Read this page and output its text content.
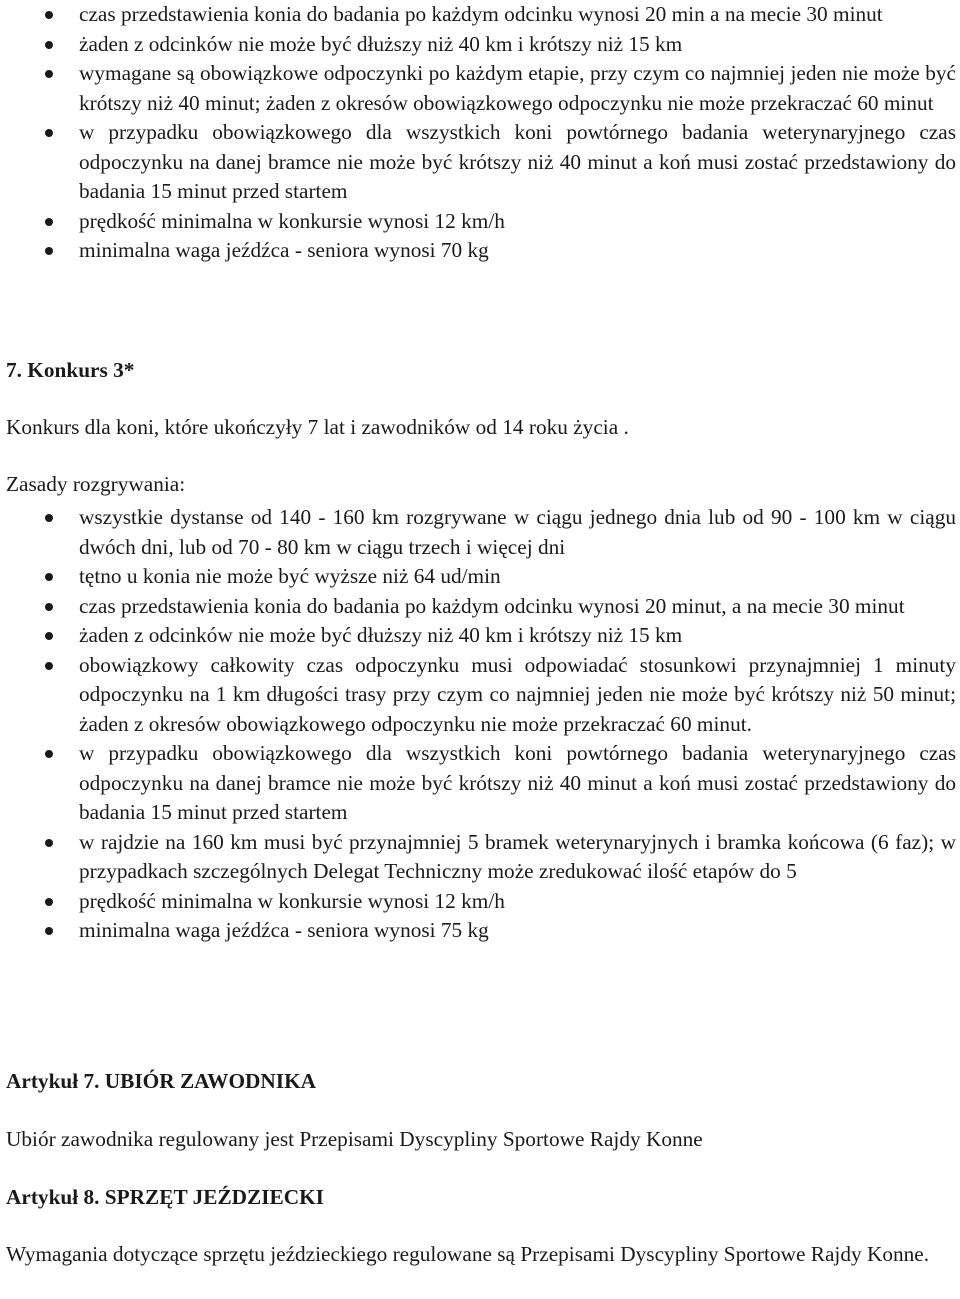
czas przedstawienia konia do badania po każdym odcinku wynosi 20 min a na mecie 30 minut
żaden z odcinków nie może być dłuższy niż 40 km i krótszy niż 15 km
wymagane są obowiązkowe odpoczynki po każdym etapie, przy czym co najmniej jeden nie może być krótszy niż 40 minut; żaden z okresów obowiązkowego odpoczynku nie może przekraczać 60 minut
w przypadku obowiązkowego dla wszystkich koni powtórnego badania weterynaryjnego czas odpoczynku na danej bramce nie może być krótszy niż 40 minut a koń musi zostać przedstawiony do badania 15 minut przed startem
prędkość minimalna w konkursie wynosi 12 km/h
minimalna waga jeźdźca - seniora wynosi 70 kg

7. Konkurs 3*

Konkurs dla koni, które ukończyły 7 lat i zawodników od 14 roku życia .

Zasady rozgrywania:

wszystkie dystanse od 140 - 160 km rozgrywane w ciągu jednego dnia lub od 90 - 100 km w ciągu dwóch dni, lub od 70 - 80 km w ciągu trzech i więcej dni
tętno u konia nie może być wyższe niż 64 ud/min
czas przedstawienia konia do badania po każdym odcinku wynosi 20 minut, a na mecie 30 minut
żaden z odcinków nie może być dłuższy niż 40 km i krótszy niż 15 km
obowiązkowy całkowity czas odpoczynku musi odpowiadać stosunkowi przynajmniej 1 minuty odpoczynku na 1 km długości trasy przy czym co najmniej jeden nie może być krótszy niż 50 minut; żaden z okresów obowiązkowego odpoczynku nie może przekraczać 60 minut.
w przypadku obowiązkowego dla wszystkich koni powtórnego badania weterynaryjnego czas odpoczynku na danej bramce nie może być krótszy niż 40 minut a koń musi zostać przedstawiony do badania 15 minut przed startem
w rajdzie na 160 km musi być przynajmniej 5 bramek weterynaryjnych i bramka końcowa (6 faz); w przypadkach szczególnych Delegat Techniczny może zredukować ilość etapów do 5
prędkość minimalna w konkursie wynosi 12 km/h
minimalna waga jeźdźca - seniora wynosi 75 kg

Artykuł 7. UBIÓR ZAWODNIKA

Ubiór zawodnika regulowany jest Przepisami Dyscypliny Sportowe Rajdy Konne

Artykuł 8. SPRZĘT JEŹDZIECKI

Wymagania dotyczące sprzętu jeździeckiego regulowane są Przepisami Dyscypliny Sportowe Rajdy Konne.
